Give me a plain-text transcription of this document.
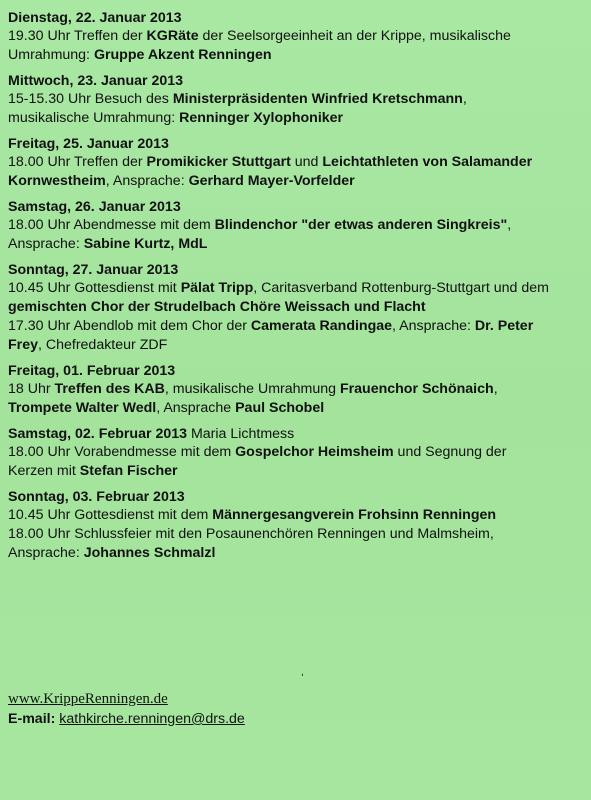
Dienstag, 22. Januar 2013

19.30 Uhr Treffen der KGRäte der Seelsorgeeinheit an der Krippe, musikalische

Umrahmung: Gruppe Akzent Renningen

Mittwoch, 23. Januar 2013

15-15.30 Uhr Besuch des Ministerpräsidenten Winfried Kretschmann,

musikalische Umrahmung: Renninger Xylophoniker

Freitag, 25. Januar 2013

18.00 Uhr Treffen der Promikicker Stuttgart und Leichtathleten von Salamander

Kornwestheim, Ansprache: Gerhard Mayer-Vorfelder

Samstag, 26. Januar 2013

18.00 Uhr Abendmesse mit dem Blindenchor "der etwas anderen Singkreis",

Ansprache: Sabine Kurtz, MdL

Sonntag, 27. Januar 2013

10.45 Uhr Gottesdienst mit Pälat Tripp, Caritasverband Rottenburg-Stuttgart und dem

gemischten Chor der Strudelbach Chöre Weissach und Flacht

17.30 Uhr Abendlob mit dem Chor der Camerata Randingae, Ansprache: Dr. Peter

Frey, Chefredakteur ZDF

Freitag, 01. Februar 2013

18 Uhr Treffen des KAB, musikalische Umrahmung Frauenchor Schönaich,

Trompete Walter Wedl, Ansprache Paul Schobel

Samstag, 02. Februar 2013 Maria Lichtmess

18.00 Uhr Vorabendmesse mit dem Gospelchor Heimsheim und Segnung der

Kerzen mit Stefan Fischer

Sonntag, 03. Februar 2013

10.45 Uhr Gottesdienst mit dem Männergesangverein Frohsinn Renningen

18.00 Uhr Schlussfeier mit den Posaunenchören Renningen und Malmsheim,

Ansprache: Johannes Schmalzl

ˌ
www.KrippeRenningen.de
E-mail: kathkirche.renningen@drs.de
